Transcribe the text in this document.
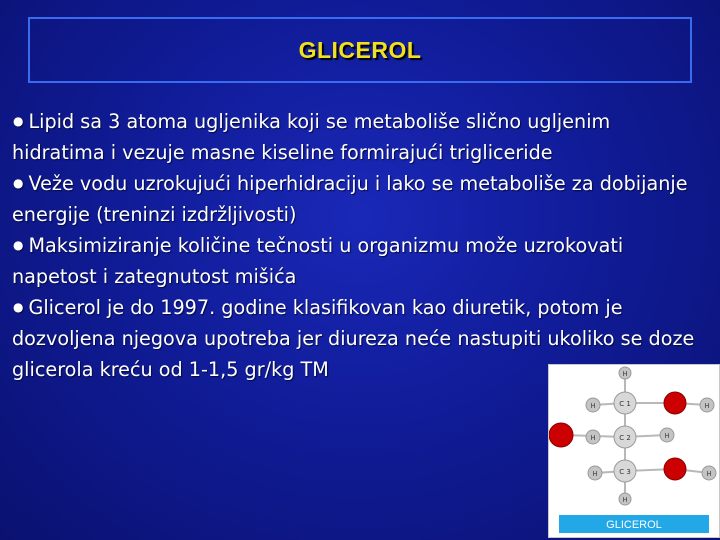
GLICEROL

● Lipid sa 3 atoma ugljenika koji se metaboliše slično ugljenim hidratima i vezuje masne kiseline formirajući trigliceride

● Veže vodu uzrokujući hiperhidraciju i lako se metaboliše za dobijanje energije (treninzi izdržljivosti)

● Maksimiziranje količine tečnosti u organizmu može uzrokovati napetost i zategnutost mišića

● Glicerol je do 1997. godine klasifikovan kao diuretik, potom je dozvoljena njegova upotreba jer diureza neće nastupiti ukoliko se doze glicerola kreću od 1-1,5 gr/kg TM	H
H
H	C 1	H
H	C 2	H
H	C 3	H
GLICEROL
